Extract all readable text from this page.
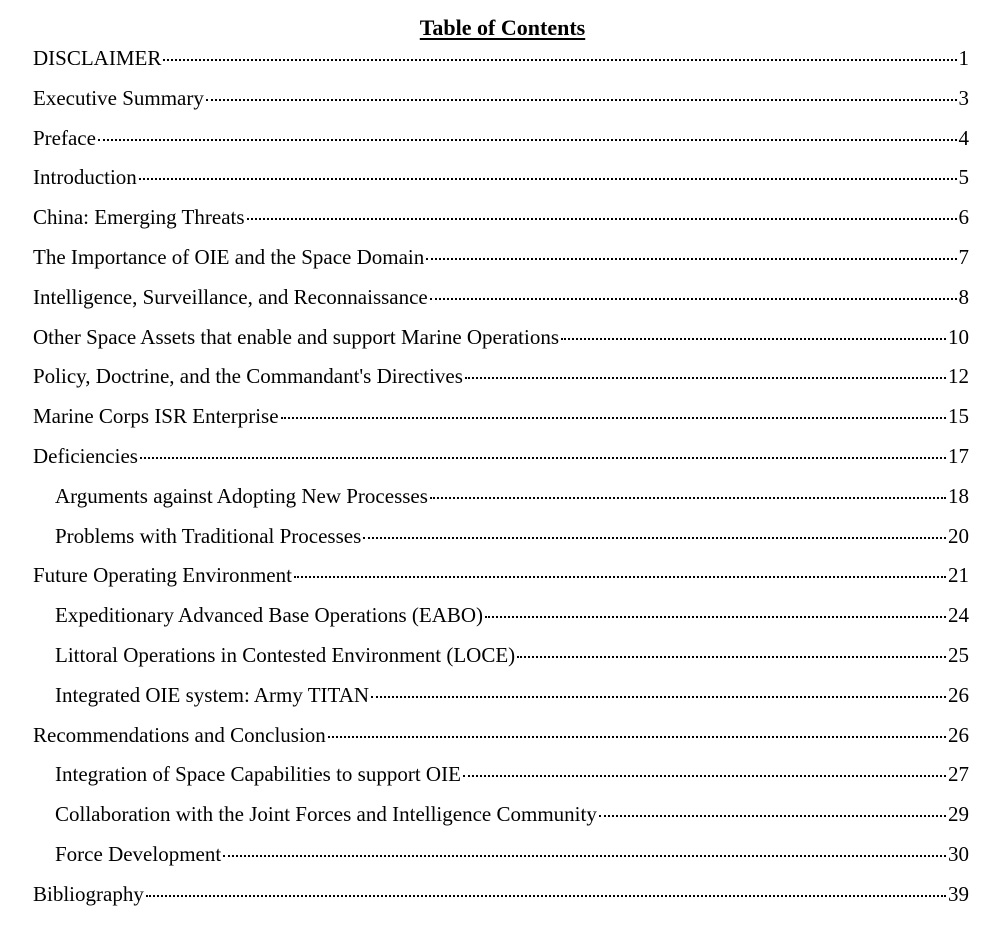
Table of Contents
DISCLAIMER	1
Executive Summary	3
Preface	4
Introduction	5
China: Emerging Threats	6
The Importance of OIE and the Space Domain	7
Intelligence, Surveillance, and Reconnaissance	8
Other Space Assets that enable and support Marine Operations	10
Policy, Doctrine, and the Commandant's Directives	12
Marine Corps ISR Enterprise	15
Deficiencies	17
Arguments against Adopting New Processes	18
Problems with Traditional Processes	20
Future Operating Environment	21
Expeditionary Advanced Base Operations (EABO)	24
Littoral Operations in Contested Environment (LOCE)	25
Integrated OIE system: Army TITAN	26
Recommendations and Conclusion	26
Integration of Space Capabilities to support OIE	27
Collaboration with the Joint Forces and Intelligence Community	29
Force Development	30
Bibliography	39
